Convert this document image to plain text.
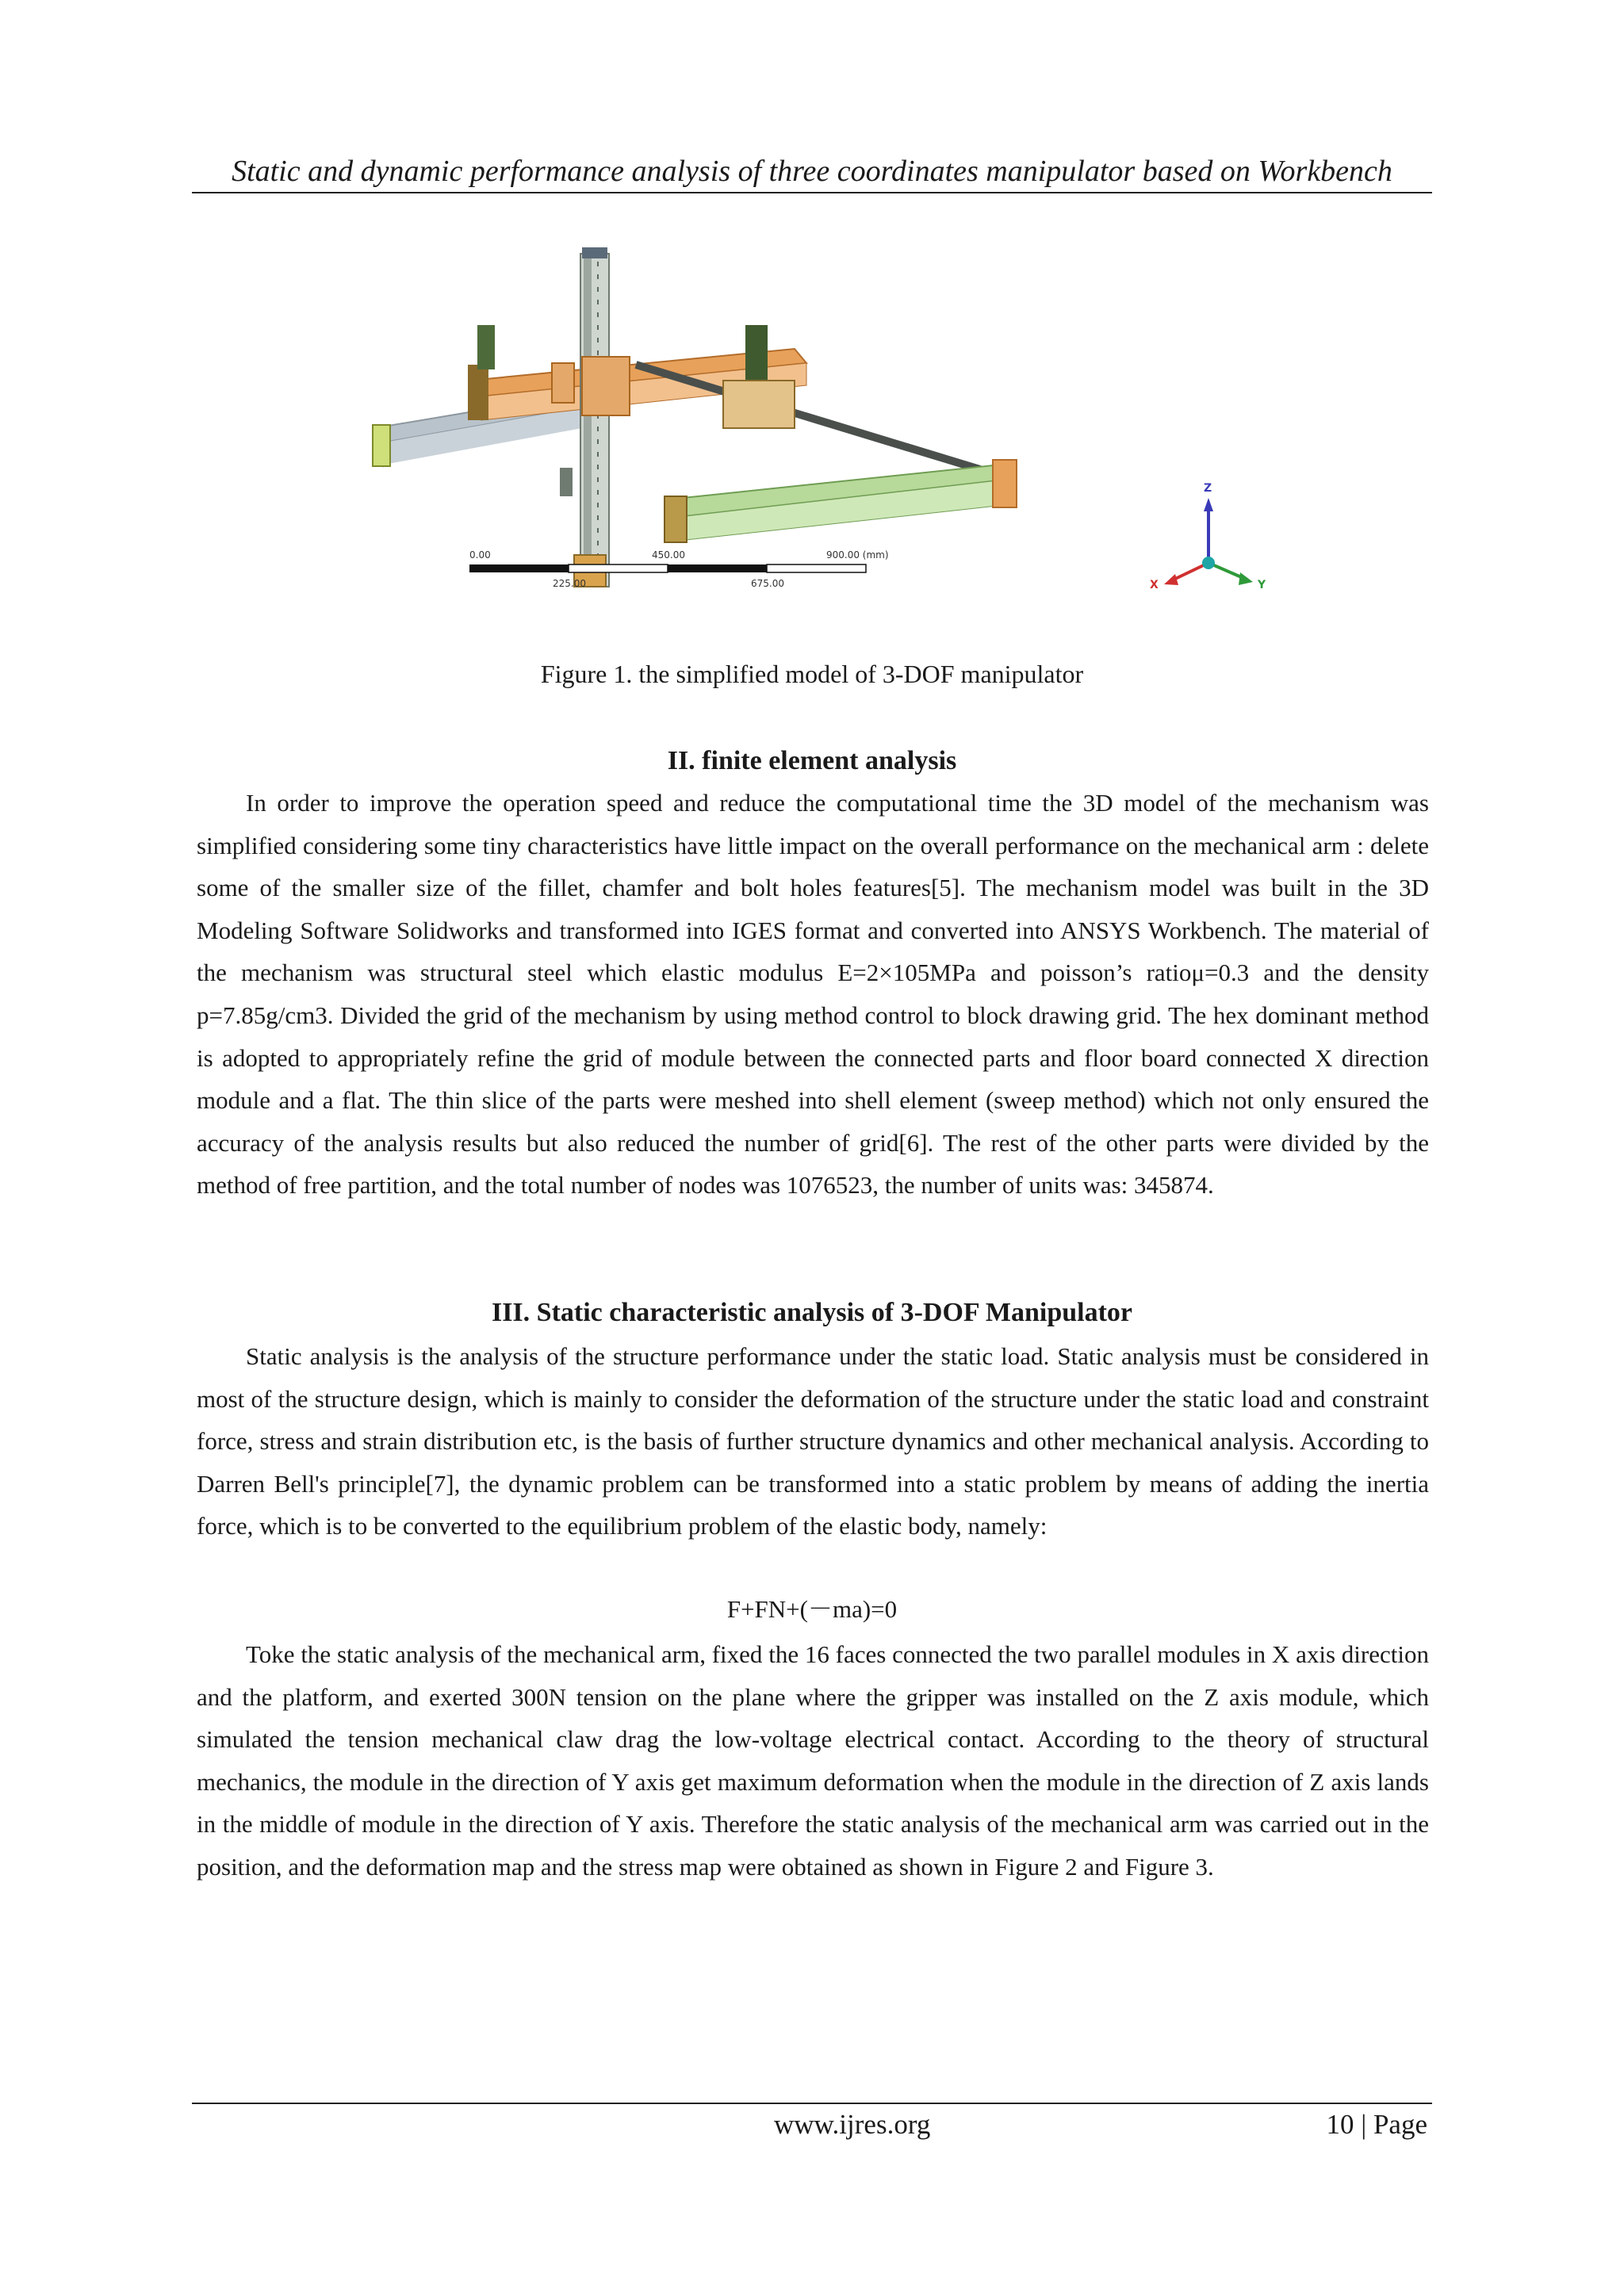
Static and dynamic performance analysis of three coordinates manipulator based on Workbench
0.00	450.00	900.00 (mm)
225.00	675.00
Z
X	Y
Figure 1. the simplified model of 3-DOF manipulator
II. finite element analysis

In order to improve the operation speed and reduce the computational time the 3D model of the mechanism was simplified considering some tiny characteristics have little impact on the overall performance on the mechanical arm : delete some of the smaller size of the fillet, chamfer and bolt holes features[5]. The mechanism model was built in the 3D Modeling Software Solidworks and transformed into IGES format and converted into ANSYS Workbench. The material of the mechanism was structural steel which elastic modulus E=2×105MPa and poisson’s ratioμ=0.3 and the density p=7.85g/cm3. Divided the grid of the mechanism by using method control to block drawing grid. The hex dominant method is adopted to appropriately refine the grid of module between the connected parts and floor board connected X direction module and a flat. The thin slice of the parts were meshed into shell element (sweep method) which not only ensured the accuracy of the analysis results but also reduced the number of grid[6]. The rest of the other parts were divided by the method of free partition, and the total number of nodes was 1076523, the number of units was: 345874.

III. Static characteristic analysis of 3-DOF Manipulator

Static analysis is the analysis of the structure performance under the static load. Static analysis must be considered in most of the structure design, which is mainly to consider the deformation of the structure under the static load and constraint force, stress and strain distribution etc, is the basis of further structure dynamics and other mechanical analysis. According to Darren Bell's principle[7], the dynamic problem can be transformed into a static problem by means of adding the inertia force, which is to be converted to the equilibrium problem of the elastic body, namely:

F+FN+(－ma)=0

Toke the static analysis of the mechanical arm, fixed the 16 faces connected the two parallel modules in X axis direction and the platform, and exerted 300N tension on the plane where the gripper was installed on the Z axis module, which simulated the tension mechanical claw drag the low-voltage electrical contact. According to the theory of structural mechanics, the module in the direction of Y axis get maximum deformation when the module in the direction of Z axis lands in the middle of module in the direction of Y axis. Therefore the static analysis of the mechanical arm was carried out in the position, and the deformation map and the stress map were obtained as shown in Figure 2 and Figure 3.

www.ijres.org	10 | Page
